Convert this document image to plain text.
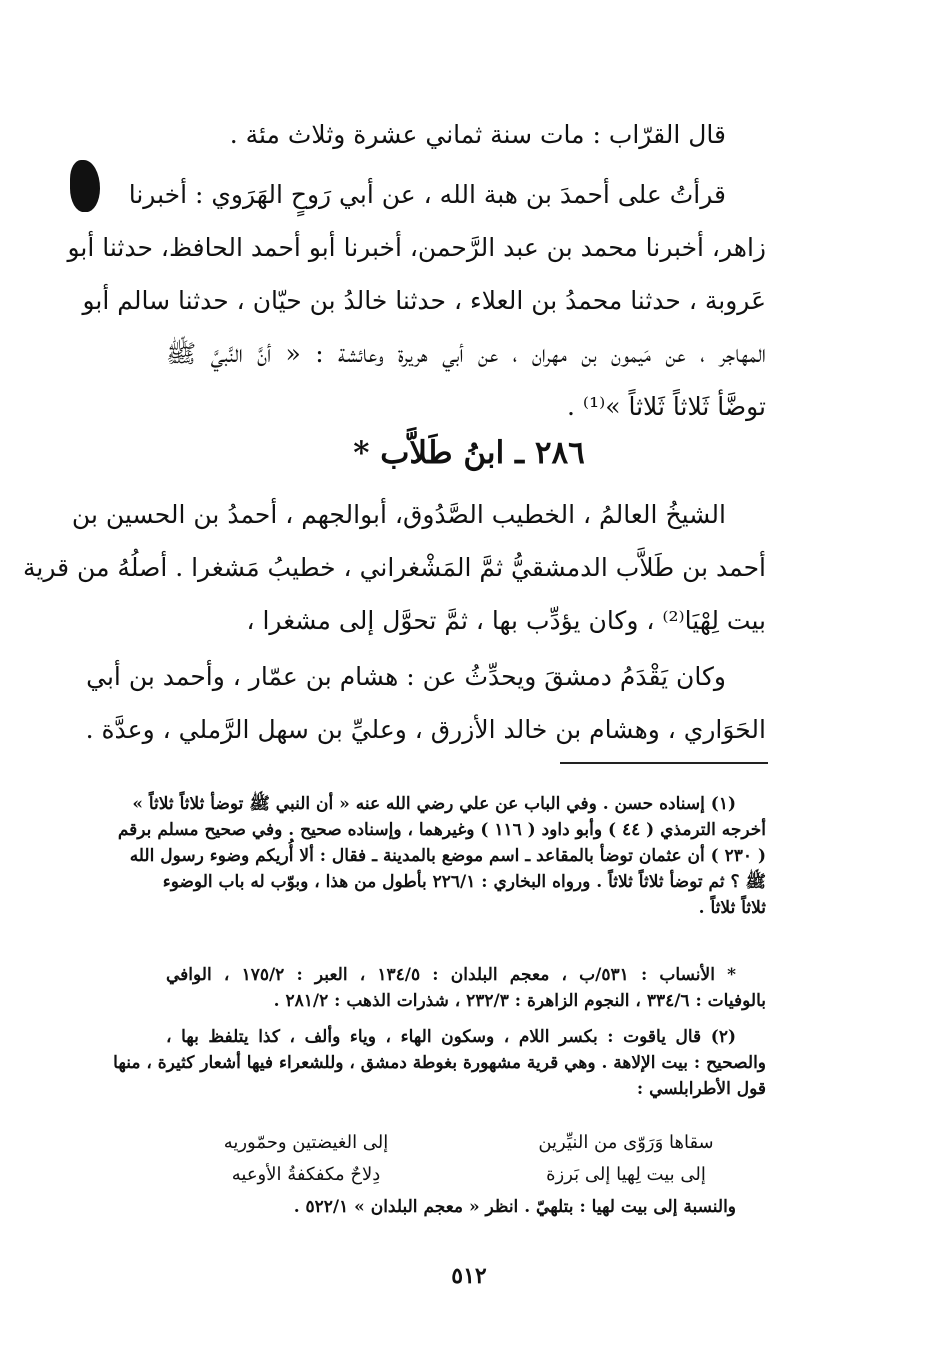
قال القرّاب : مات سنة ثماني عشرة وثلاث مئة .
قرأتُ على أحمدَ بن هبة الله ، عن أبي رَوحٍ الهَرَوي : أخبرنا
زاهر، أخبرنا محمد بن عبد الرَّحمن، أخبرنا أبو أحمد الحافظ، حدثنا أبو
عَروبة ، حدثنا محمدُ بن العلاء ، حدثنا خالدُ بن حيّان ، حدثنا سالم أبو
المهاجر ، عن مَيمون بن مهران ، عن أبي هريرة وعائشة : « أنَّ النَّبيَّ ﷺ
توضَّأ ثَلاثاً ثَلاثاً »⁽¹⁾ .
٢٨٦ ـ ابنُ طَلاَّب *
الشيخُ العالمُ ، الخطيب الصَّدُوق، أبوالجهم ، أحمدُ بن الحسين بن
أحمد بن طَلاَّب الدمشقيُّ ثمَّ المَشْغراني ، خطيبُ مَشغرا . أصلُهُ من قرية
بيت لِهْيَا⁽²⁾ ، وكان يؤدِّب بها ، ثمَّ تحوَّل إلى مشغرا ،
وكان يَقْدَمُ دمشقَ ويحدِّثُ عن : هشام بن عمّار ، وأحمد بن أبي
الحَوَاري ، وهشام بن خالد الأزرق ، وعليِّ بن سهل الرَّملي ، وعدَّة .
(١) إسناده حسن . وفي الباب عن علي رضي الله عنه « أن النبي ﷺ توضأ ثلاثاً ثلاثاً »
أخرجه الترمذي ( ٤٤ ) وأبو داود ( ١١٦ ) وغيرهما ، وإسناده صحيح . وفي صحيح مسلم برقم
( ٢٣٠ ) أن عثمان توضأ بالمقاعد ـ اسم موضع بالمدينة ـ فقال : ألا أُريكم وضوء رسول الله
ﷺ ؟ ثم توضأ ثلاثاً ثلاثاً . ورواه البخاري : ٢٢٦/١ بأطول من هذا ، وبوّب له باب الوضوء
ثلاثاً ثلاثاً .
* الأنساب : ٥٣١/ب ، معجم البلدان : ١٣٤/٥ ، العبر : ١٧٥/٢ ، الوافي
بالوفيات : ٣٣٤/٦ ، النجوم الزاهرة : ٢٣٢/٣ ، شذرات الذهب : ٢٨١/٢ .
(٢) قال ياقوت : بكسر اللام ، وسكون الهاء ، وياء وألف ، كذا يتلفظ بها ،
والصحيح : بيت الإلاهة . وهي قرية مشهورة بغوطة دمشق ، وللشعراء فيها أشعار كثيرة ، منها
قول الأطرابلسي :
سقاها وَرَوّى من النيِّرين
إلى الغيضتين وحمّوريه
إلى بيت لِهيا إلى بَرزة
دِلاحٌ مكفكفةُ الأوعيه
والنسبة إلى بيت لهيا : بتلهيّ . انظر « معجم البلدان » ٥٢٢/١ .
٥١٢
